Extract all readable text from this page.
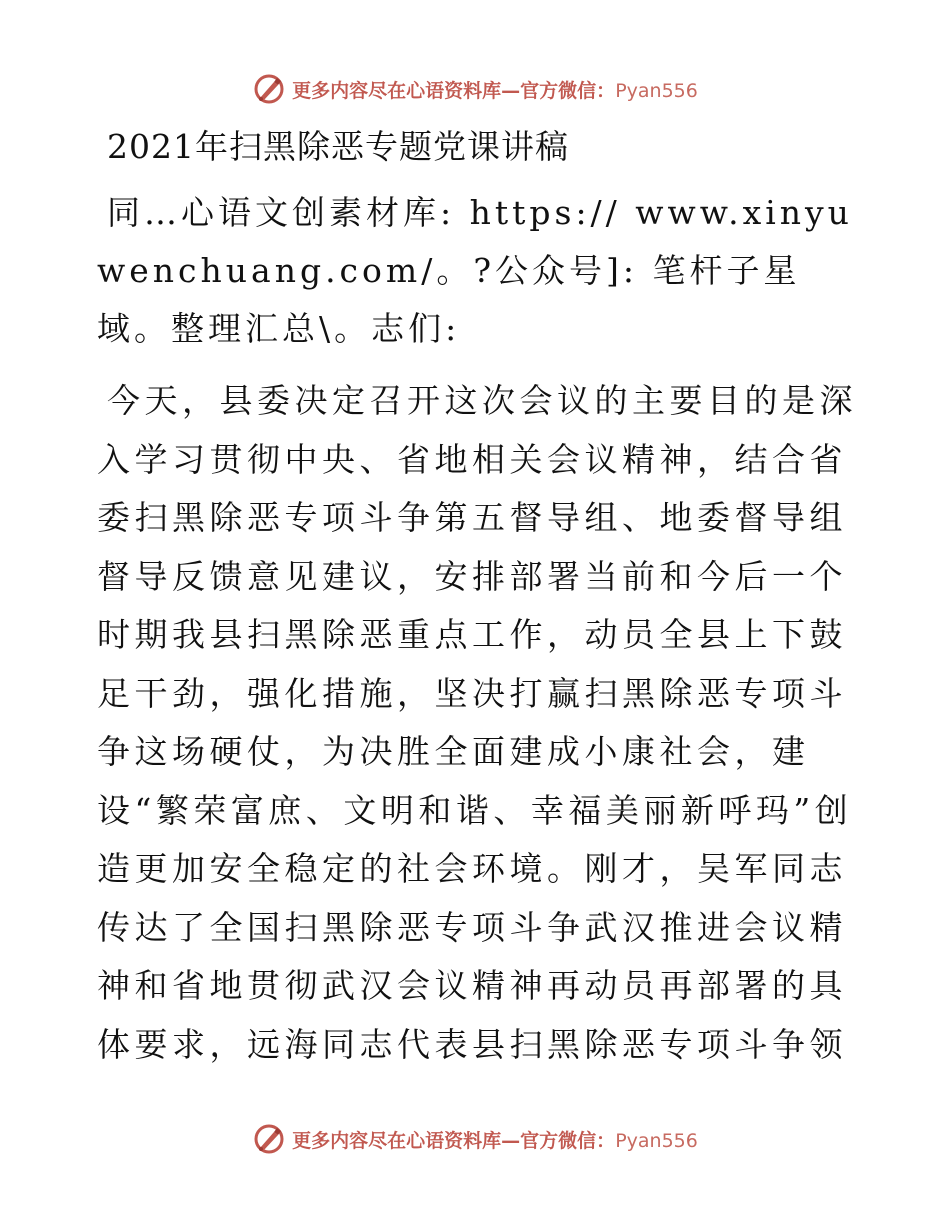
更多内容尽在心语资料库—官方微信：Pyan556
2021年扫黑除恶专题党课讲稿
同…心语文创素材库: https:// www.xinyuwenchuang.com/。?公众号]: 笔杆子星域。整理汇总\。志们:
今天，县委决定召开这次会议的主要目的是深入学习贯彻中央、省地相关会议精神，结合省委扫黑除恶专项斗争第五督导组、地委督导组督导反馈意见建议，安排部署当前和今后一个时期我县扫黑除恶重点工作，动员全县上下鼓足干劲，强化措施，坚决打赢扫黑除恶专项斗争这场硬仗，为决胜全面建成小康社会，建设“繁荣富庶、文明和谐、幸福美丽新呼玛”创造更加安全稳定的社会环境。刚才，吴军同志传达了全国扫黑除恶专项斗争武汉推进会议精神和省地贯彻武汉会议精神再动员再部署的具体要求，远海同志代表县扫黑除恶专项斗争领
更多内容尽在心语资料库—官方微信：Pyan556
